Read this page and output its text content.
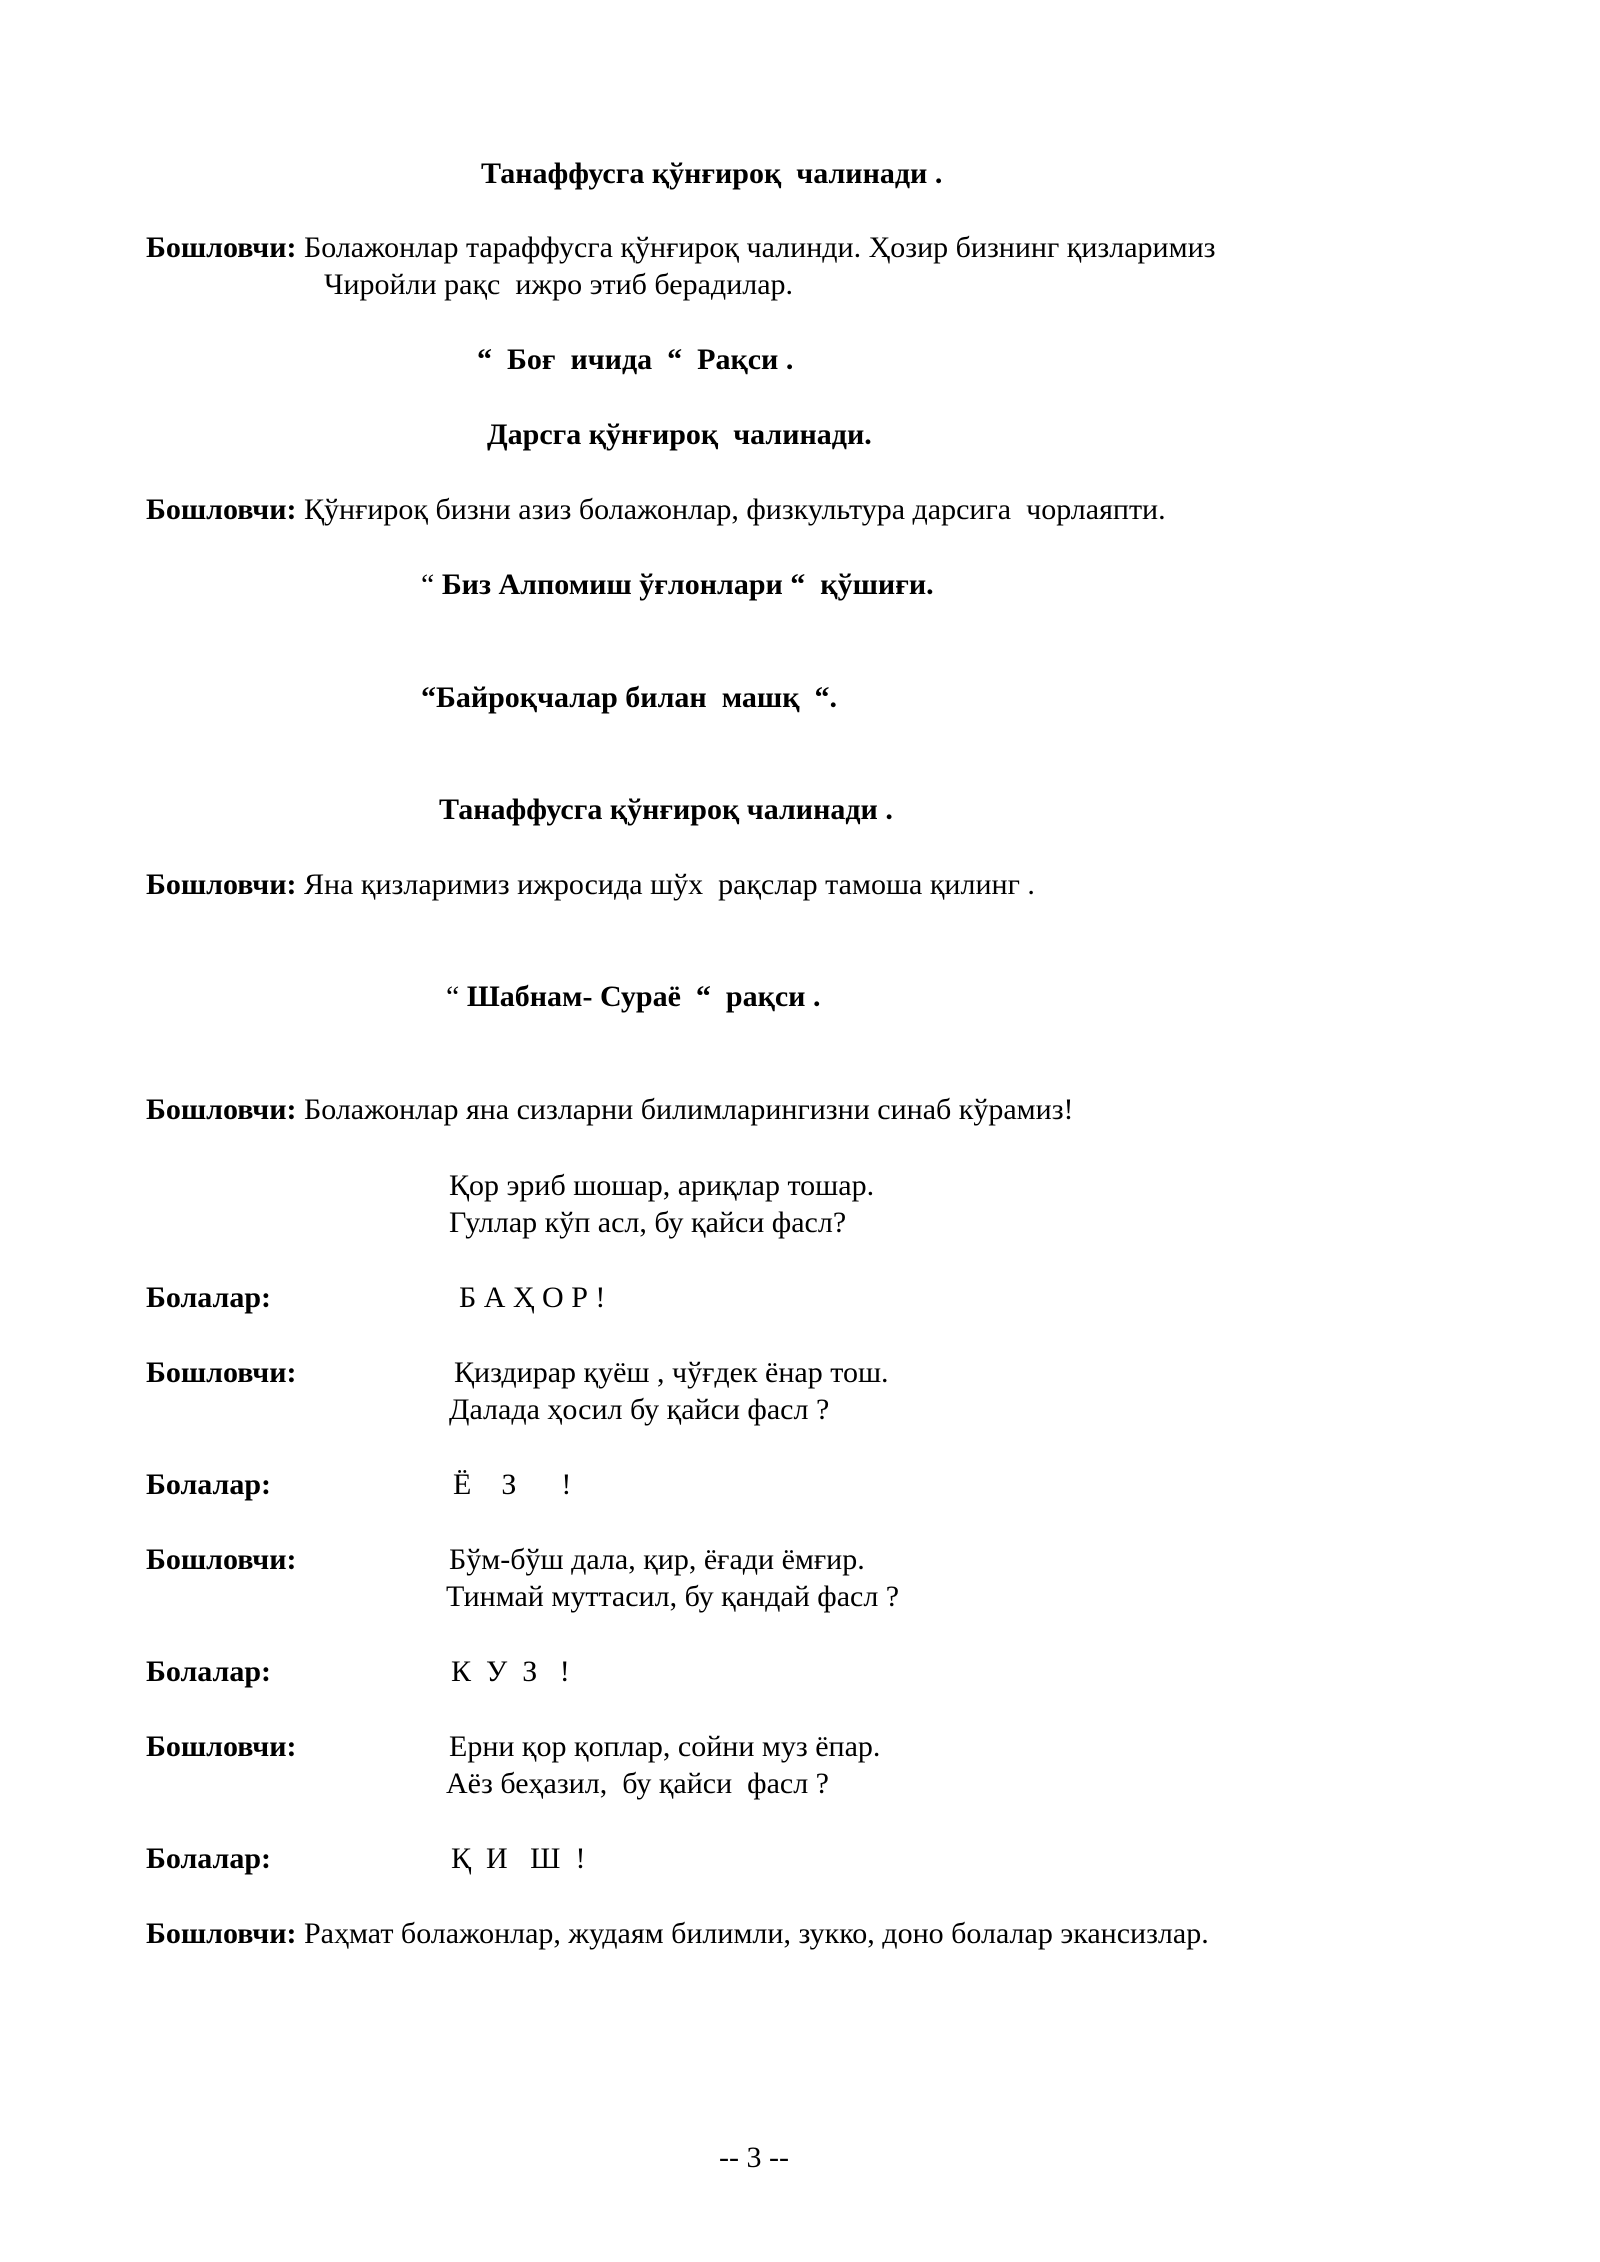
Танаффусга қўнғироқ  чалинади .
Бошловчи: Болажонлар тараффусга қўнғироқ чалинди. Ҳозир бизнинг қизларимиз
Чиройли рақс  ижро этиб берадилар.
“  Боғ  ичида  “  Рақси .
Дарсга қўнғироқ  чалинади.
Бошловчи: Қўнғироқ бизни азиз болажонлар, физкультура дарсига  чорлаяпти.
“ Биз Алпомиш ўғлонлари “  қўшиғи.
“Байроқчалар билан  машқ  “.
Танаффусга қўнғироқ чалинади .
Бошловчи: Яна қизларимиз ижросида шўх  рақслар тамоша қилинг .
“ Шабнам- Сураё  “  рақси .
Бошловчи: Болажонлар яна сизларни билимларингизни синаб кўрамиз!
Қор эриб шошар, ариқлар тошар.
Гуллар кўп асл, бу қайси фасл?
Болалар:	Б А Ҳ О Р !
Бошловчи:	Қиздирар қуёш , чўғдек ёнар тош.
Далада ҳосил бу қайси фасл ?
Болалар:	Ё    З      !
Бошловчи:	Бўм-бўш дала, қир, ёғади ёмғир.
Тинмай муттасил, бу қандай фасл ?
Болалар:	К  У  З   !
Бошловчи:	Ерни қор қоплар, сойни муз ёпар.
Аёз беҳазил,  бу қайси  фасл ?
Болалар:	Қ  И   Ш  !
Бошловчи: Раҳмат болажонлар, жудаям билимли, зукко, доно болалар экансизлар.
-- 3 --
